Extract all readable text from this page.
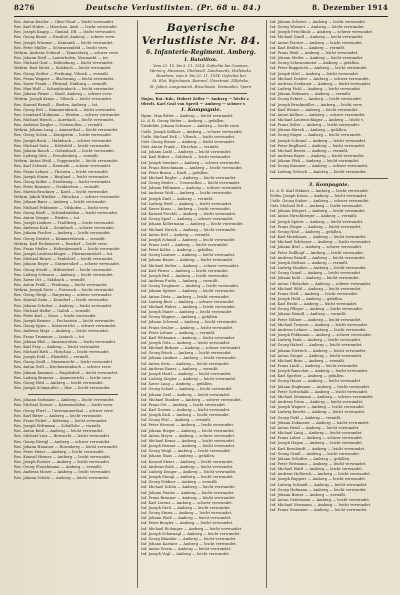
8276	Deutsche Verlustlisten. (Pr. 68 u. 84.)	8. Dezember 1914
Res. Anton Kestler — Ober-Glauf — leicht verwundet.
Res. Karl Huber — Hirschau, Amb. — leicht verwundet.
Res. Joseph Knapp — Gmünd, Dfl. — leicht verwundet.
Res. Georg Bauer — Ensdorf, Amberg — schwer verw.
Res. Joseph Wiesner — Kemnath — leicht verwundet.
Res. Peter Müller — Schwarzenfeld — leicht verw.
Wehrm. Andreas Schmid — Tännesberg — schwer verw.
Res. Johann Dietl — Lauterhofen, Neumarkt — tot.
Res. Michael Graf — Hohenburg — leicht verwundet.
Wehrm. Karl Meier — Sulzbach — leicht verwundet.
Res. Georg Zeitler — Freihung, Vilseck — vermißt.
Res. Franz Wagner — Illschwang — leicht verwundet.
Res. Xaver Frank — Pfreimd, Nabburg — vermißt.
Res. Max Wolf — Schnaittenbach — leicht verwundet.
Res. Johann Pirner — Kastl, Amberg — schwer verw.
Wehrm. Joseph Kraus — Vilseck — leicht verwundet.
Res. Konrad Reindl — Rieden, Amberg — tot.
Res. Georg Ertl — Kümmersbruck — leicht verwundet.
Res. Leonhard Hofmann — Weiden — schwer verwundet.
Res. Michael Hirsch — Auerbach — leicht verwundet.
Res. Andreas Ziegler — Ursensollen — vermißt.
Wehrm. Johann Lang — Ammerthal — leicht verwundet.
Res. Georg Schön — Königstein — leicht verwundet.
Res. Joseph Beck — Hahnbach — schwer verwundet.
Res. Michael Seitz — Edelsfeld — leicht verwundet.
Res. Johann Rauch — Gebenbach — leicht verwundet.
Res. Ludwig Götz — Freudenberg — vermißt.
Wehrm. Anton Weiß — Poppenricht — leicht verwundet.
Res. Karl Schwab — Kemnath — schwer verwundet.
Res. Franz Lehner — Theuern — leicht verwundet.
Res. Joseph Sturm — Birgland — leicht verwundet.
Res. Georg Koller — Etzelwang — leicht verwundet.
Res. Peter Hausner — Neukirchen — vermißt.
Res. Martin Bruckner — Kastl — leicht verwundet.
Wehrm. Jakob Winkler — Hirschau — schwer verwundet.
Res. Johann Baier — Amberg — leicht verwundet.
Res. Michael Feldmeier — Vilshofen — leicht verw.
Res. Georg Riedl — Schmidmühlen — leicht verwundet.
Res. Anton Zenger — Rieden — tot.
Res. Joseph Lindner — Traßlberg — leicht verwundet.
Res. Andreas Kick — Krumbach — schwer verwundet.
Res. Johann Fischer — Amberg — leicht verwundet.
Res. Georg Dotzler — Kümmersbruck — vermißt.
Wehrm. Karl Eichenseer — Ensdorf — leicht verw.
Res. Franz Meiler — Hohenkemnath — leicht verwundet.
Res. Joseph Lautenschlager — Ebermannsdorf — tot.
Res. Michael Birner — Paulsdorf — leicht verwundet.
Res. Johann Reger — Gärmersdorf — schwer verwundet.
Res. Georg Strobl — Hiltersdorf — leicht verwundet.
Res. Ludwig Schwarz — Amberg — leicht verwundet.
Res. Xaver Ott — Sulzbach — vermißt.
Res. Anton Prößl — Freihung — leicht verwundet.
Wehrm. Joseph Dietz — Pursruck — leicht verwundet.
Res. Georg Weigl — Raigering — schwer verwundet.
Res. Konrad Zahn — Krondorf — leicht verwundet.
Res. Johann Schober — Amberg — leicht verwundet.
Res. Michael Haller — Gailoh — vermißt.
Res. Peter Kerl — Moos — leicht verwundet.
Res. Joseph Renner — Fuchsstein — leicht verwundet.
Res. Georg Spies — Kötzersricht — schwer verwundet.
Res. Andreas Mayr — Amberg — leicht verwundet.
Res. Franz Trummer — Lintach — tot.
Res. Johann Ehrl — Immenstetten — leicht verwundet.
Res. Karl Frey — Amberg — leicht verwundet.
Res. Michael Roth — Hirschau — leicht verwundet.
Res. Joseph Eckl — Ehenfeld — vermißt.
Res. Georg Seidl — Massenricht — leicht verwundet.
Res. Anton Grill — Kirchenreinbach — schwer verw.
Res. Johann Kummer — Engelsdorf — leicht verwundet.
Res. Ludwig Brunner — Ammersricht — leicht verw.
Res. Georg Hösl — Amberg — leicht verwundet.
Res. Joseph Schmaußer — Iber — leicht verwundet.
Res. Johann Seebauer — Amberg — leicht verwundet.
Res. Michael Dorner — Karmensölden — leicht verw.
Res. Georg Flierl — Unterammerthal — schwer verw.
Res. Karl Ritter — Amberg — leicht verwundet.
Res. Franz Pickel — Köfering — leicht verwundet.
Res. Joseph Wittmann — Schäflohe — vermißt.
Res. Anton Reiß — Amberg — leicht verwundet.
Res. Michael Lutz — Bernricht — leicht verwundet.
Res. Georg Dirrigl — Amberg — schwer verwundet.
Res. Johann Hanauer — Rosenberg — leicht verwundet.
Res. Peter Meier — Amberg — leicht verwundet.
Res. Konrad Hirmer — Amberg — leicht verwundet.
Res. Joseph Forster — Amberg — leicht verwundet.
Res. Georg Fleischmann — Amberg — vermißt.
Res. Andreas Moser — Amberg — leicht verwundet.
Res. Johann Schötz — Amberg — leicht verwundet.
Bayerische Verlustliste Nr. 84.
6. Infanterie-Regiment. Amberg.
I. Bataillon.
Vom 23. 10. bis 5. 11. 1914: Gefechte bei Comines,
Wervicq, Messines, Gheluvelt, Zandvoorde, Hollebeke,
Houthem; vom 6. bis 20. 11. 1914: Gefechte bei
St. Eloi, Wytschaete, Kemmel, Vierstraat, Zillebeke,
St. Julien, Langemarck, Bixschoote, Dixmuiden, Ypern.
Major, Bat.-Kdr., Hubert Zeller — Amberg — leicht v.
Oberlt. Karl Graf von Spreti — Amberg — schwer v.
1. Kompagnie.
Hptm. Max Ritter — Amberg — leicht verwundet.
Lt. d. R. Georg Weber — Amberg — gefallen.
Vizefeldw. Johann Schwarz — Amberg — leicht verw.
Uoffz. Joseph Kellner — Amberg — schwer verwundet.
Uoffz. Michael Deß — Vilseck — leicht verwundet.
Gefr. Georg Birner — Amberg — leicht verwundet.
Gefr. Anton Frank — Hirschau — vermißt.
Inf. Johann Loibl — Amberg — leicht verwundet.
Inf. Karl Huber — Sulzbach — leicht verwundet.
Inf. Joseph Gmeiner — Amberg — schwer verwundet.
Inf. Franz Hirschmann — Amberg — leicht verwundet.
Inf. Peter Braun — Kastl — gefallen.
Inf. Michael Regler — Amberg — leicht verwundet.
Inf. Georg Meiler — Ursensollen — leicht verwundet.
Inf. Johann Pöllmann — Amberg — schwer verwundet.
Inf. Andreas Wolf — Amberg — leicht verwundet.
Inf. Joseph Zintl — Amberg — vermißt.
Inf. Ludwig Weiß — Amberg — leicht verwundet.
Inf. Xaver Kraus — Amberg — leicht verwundet.
Inf. Konrad Prechtl — Amberg — leicht verwundet.
Inf. Georg Sperl — Amberg — schwer verwundet.
Inf. Johann Kellermann — Amberg — leicht verwundet.
Inf. Michael Hirsch — Amberg — leicht verwundet.
Inf. Anton Ertl — Amberg — vermißt.
Inf. Joseph Schmid — Amberg — leicht verwundet.
Inf. Franz Leitl — Amberg — leicht verwundet.
Inf. Peter Koller — Amberg — gefallen.
Inf. Georg Lautner — Amberg — leicht verwundet.
Inf. Johann Bauer — Amberg — leicht verwundet.
Inf. Michael Sieber — Amberg — schwer verwundet.
Inf. Karl Pirner — Amberg — leicht verwundet.
Inf. Joseph Reil — Amberg — leicht verwundet.
Inf. Andreas Fuchs — Amberg — vermißt.
Inf. Georg Troglauer — Amberg — leicht verwundet.
Inf. Johann Spitzer — Amberg — leicht verwundet.
Inf. Anton Dietz — Amberg — leicht verwundet.
Inf. Ludwig Beer — Amberg — schwer verwundet.
Inf. Michael Huber — Amberg — leicht verwundet.
Inf. Joseph Maier — Amberg — leicht verwundet.
Inf. Georg Wagner — Amberg — gefallen.
Inf. Johann Schreml — Amberg — leicht verwundet.
Inf. Franz Gruber — Amberg — leicht verwundet.
Inf. Peter Lehner — Amberg — vermißt.
Inf. Karl Wittmann — Amberg — leicht verwundet.
Inf. Joseph Götz — Amberg — leicht verwundet.
Inf. Michael Birkner — Amberg — schwer verwundet.
Inf. Georg Rösch — Amberg — leicht verwundet.
Inf. Johann Lindner — Amberg — leicht verwundet.
Inf. Anton Seitz — Amberg — leicht verwundet.
Inf. Andreas Bauer — Amberg — vermißt.
Inf. Joseph Hartl — Amberg — leicht verwundet.
Inf. Ludwig Ziegler — Amberg — leicht verwundet.
Inf. Xaver Lang — Amberg — gefallen.
Inf. Georg Scharl — Amberg — leicht verwundet.
Inf. Johann Graf — Amberg — leicht verwundet.
Inf. Michael Stauber — Amberg — schwer verwundet.
Inf. Franz Ott — Amberg — leicht verwundet.
Inf. Karl Dorner — Amberg — leicht verwundet.
Inf. Joseph Kick — Amberg — leicht verwundet.
Inf. Georg Pösl — Amberg — vermißt.
Inf. Peter Wiesent — Amberg — leicht verwundet.
Inf. Johann Rieger — Amberg — leicht verwundet.
Inf. Anton Meyer — Amberg — schwer verwundet.
Inf. Michael Kraus — Amberg — leicht verwundet.
Inf. Joseph Renner — Amberg — leicht verwundet.
Inf. Georg Weigl — Amberg — leicht verwundet.
Inf. Johann Haas — Amberg — gefallen.
Inf. Konrad Meier — Amberg — leicht verwundet.
Inf. Andreas Roth — Amberg — leicht verwundet.
Inf. Ludwig Zenger — Amberg — leicht verwundet.
Inf. Joseph Stangl — Amberg — leicht verwundet.
Inf. Georg Feldner — Amberg — vermißt.
Inf. Michael Schön — Amberg — leicht verwundet.
Inf. Johann Paulus — Amberg — leicht verwundet.
Inf. Franz Brunner — Amberg — leicht verwundet.
Inf. Karl Lorenz — Amberg — schwer verwundet.
Inf. Joseph Dietl — Amberg — leicht verwundet.
Inf. Georg Sturm — Amberg — leicht verwundet.
Inf. Johann Weiß — Amberg — leicht verwundet.
Inf. Peter Bergler — Amberg — leicht verwundet.
Inf. Michael Eichinger — Amberg — leicht verwundet.
Inf. Joseph Scharnagl — Amberg — leicht verwundet.
Inf. Georg Bäumler — Amberg — leicht verwundet.
Inf. Johann Kastner — Amberg — leicht verwundet.
Inf. Anton Wurm — Amberg — leicht verwundet.
Inf. Joseph Vogl — Amberg — leicht verwundet.
Inf. Johann Scherer — Amberg — leicht verwundet.
Inf. Georg Wiesnet — Amberg — leicht verwundet.
Inf. Joseph Frischholz — Amberg — schwer verwundet.
Inf. Michael Gradl — Amberg — leicht verwundet.
Inf. Anton Forster — Amberg — leicht verwundet.
Inf. Karl Heldrich — Amberg — vermißt.
Inf. Franz Weiß — Amberg — leicht verwundet.
Inf. Johann Meiler — Amberg — leicht verwundet.
Inf. Georg Schwarzmeier — Amberg — gefallen.
Inf. Peter Rupprecht — Amberg — leicht verwundet.
Inf. Joseph Hösl — Amberg — leicht verwundet.
Inf. Michael Dotzler — Amberg — schwer verwundet.
Inf. Andreas Seebauer — Amberg — leicht verwundet.
Inf. Ludwig Pickl — Amberg — leicht verwundet.
Inf. Johann Hofmann — Amberg — vermißt.
Inf. Georg Eckert — Amberg — leicht verwundet.
Inf. Joseph Bruckmüller — Amberg — leicht verw.
Inf. Karl Winter — Amberg — leicht verwundet.
Inf. Anton Kellner — Amberg — schwer verwundet.
Inf. Michael Lautenschlager — Amberg — leicht v.
Inf. Franz Zeller — Amberg — leicht verwundet.
Inf. Johann Hirsch — Amberg — gefallen.
Inf. Georg Mayer — Amberg — leicht verwundet.
Inf. Joseph Schraml — Amberg — leicht verwundet.
Inf. Peter Englhard — Amberg — leicht verwundet.
Inf. Michael Rester — Amberg — vermißt.
Inf. Andreas Bayer — Amberg — leicht verwundet.
Inf. Johann Pfab — Amberg — leicht verwundet.
Inf. Georg Kummer — Amberg — schwer verwundet.
Inf. Ludwig Grötsch — Amberg — leicht verwundet.
3. Kompagnie.
Lt. d. R. Karl Hübner — Amberg — leicht verwundet.
Feldw. Joseph Kraus — Amberg — leicht verwundet.
Uoffz. Georg Sieber — Amberg — schwer verwundet.
Gefr. Michael Ertl — Amberg — leicht verwundet.
Inf. Johann Weigert — Amberg — leicht verwundet.
Inf. Anton Hirschberger — Amberg — vermißt.
Inf. Joseph Spörer — Amberg — leicht verwundet.
Inf. Franz Steger — Amberg — leicht verwundet.
Inf. Georg Nitzl — Amberg — gefallen.
Inf. Karl Mutzbauer — Amberg — leicht verwundet.
Inf. Michael Schlosser — Amberg — leicht verwundet.
Inf. Johann Bösl — Amberg — schwer verwundet.
Inf. Peter Dollhopf — Amberg — leicht verwundet.
Inf. Andreas Reindl — Amberg — leicht verwundet.
Inf. Joseph Meßner — Amberg — vermißt.
Inf. Ludwig Stauber — Amberg — leicht verwundet.
Inf. Georg Graml — Amberg — leicht verwundet.
Inf. Johann Kohl — Amberg — leicht verwundet.
Inf. Anton Übelacker — Amberg — schwer verwundet.
Inf. Michael Wild — Amberg — leicht verwundet.
Inf. Franz Gietl — Amberg — leicht verwundet.
Inf. Joseph Held — Amberg — gefallen.
Inf. Karl Hecht — Amberg — leicht verwundet.
Inf. Georg Pfleger — Amberg — leicht verwundet.
Inf. Johann Heindl — Amberg — vermißt.
Inf. Peter Söllner — Amberg — leicht verwundet.
Inf. Michael Trenner — Amberg — leicht verwundet.
Inf. Andreas Lehner — Amberg — leicht verwundet.
Inf. Joseph Pöhlmann — Amberg — schwer verwundet.
Inf. Ludwig Fenk — Amberg — leicht verwundet.
Inf. Georg Haberl — Amberg — leicht verwundet.
Inf. Johann Dietrich — Amberg — leicht verwundet.
Inf. Anton Greger — Amberg — leicht verwundet.
Inf. Michael Bräu — Amberg — vermißt.
Inf. Franz Lindl — Amberg — leicht verwundet.
Inf. Joseph Rauscher — Amberg — leicht verwundet.
Inf. Karl Sperber — Amberg — gefallen.
Inf. Georg Hauer — Amberg — leicht verwundet.
Inf. Johann Englmann — Amberg — leicht verwundet.
Inf. Peter Gottschalk — Amberg — leicht verwundet.
Inf. Michael Zitzmann — Amberg — schwer verwundet.
Inf. Andreas Prem — Amberg — leicht verwundet.
Inf. Joseph Wagner — Amberg — leicht verwundet.
Inf. Ludwig Kestler — Amberg — leicht verwundet.
Inf. Georg Pirkl — Amberg — vermißt.
Inf. Johann Dobmeier — Amberg — leicht verwundet.
Inf. Anton Heinl — Amberg — leicht verwundet.
Inf. Michael Lang — Amberg — leicht verwundet.
Inf. Franz Luber — Amberg — schwer verwundet.
Inf. Joseph Hagen — Amberg — leicht verwundet.
Inf. Karl Bernhardt — Amberg — leicht verwundet.
Inf. Georg Gradl — Amberg — leicht verwundet.
Inf. Johann Schuller — Amberg — gefallen.
Inf. Peter Wittmann — Amberg — leicht verwundet.
Inf. Michael Härtl — Amberg — leicht verwundet.
Inf. Andreas Hollweck — Amberg — leicht verwundet.
Inf. Joseph Ruppert — Amberg — leicht verwundet.
Inf. Ludwig Schmidt — Amberg — leicht verwundet.
Inf. Georg Hofmann — Amberg — leicht verwundet.
Inf. Johann Birner — Amberg — vermißt.
Inf. Anton Ostermann — Amberg — leicht verwundet.
Inf. Michael Neumann — Amberg — leicht verwundet.
Inf. Franz Neumaier — Amberg — leicht verwundet.
